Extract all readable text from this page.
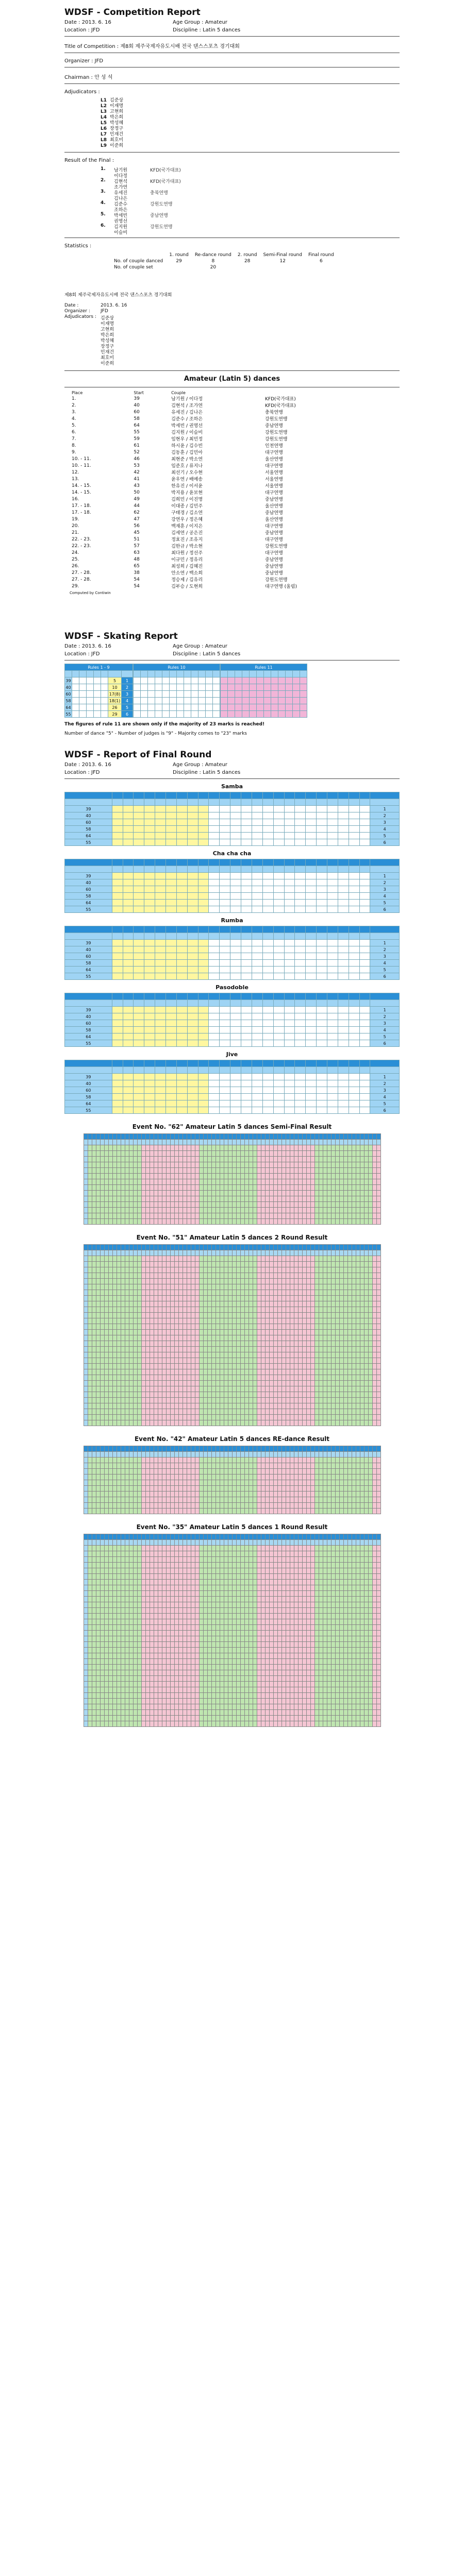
WDSF - Competition Report

Date : 2013. 6. 16	Age Group : Amateur
Location : JFD	Discipline : Latin 5 dances
Title of Competition : 제8회 제주국제자유도시배 전국 댄스스포츠 경기대회
Organizer : JFD
Chairman : 안 성 석
Adjudicators :
L1 김준상
L2 이재명
L3 고현희
L4 박은희
L5 박성혜
L6 장정구
L7 민재건
L8 최호미
L9 이준희
Result of the Final :
1.	남기원	KFD(국가대표)
이다정
2.	김현석	KFD(국가대표)
조가연
3.	유세진	충북연맹
김나은
4.	김준수	강원도연맹
조하은
5.	박세빈	중남연맹
권영선
6.	김지원	강원도연맹
이슬비
Statistics :
	1. round	Re-dance round	2. round	Semi-Final round	Final round
No. of couple danced	29	8	28	12	6
No. of couple set		20			
제8회 제주국제자유도시배 전국 댄스스포츠 경기대회
Date :	2013. 6. 16
Organizer :	JFD
Adjudicators : 김준상
이재명
고현희
박은희
박성혜
장정구
민재건
최호미
이준희
Amateur (Latin 5) dances
Place	Start	Couple	
1.	39	남기원 / 이다정	KFD(국가대표)
2.	40	김현석 / 조가연	KFD(국가대표)
3.	60	유세진 / 김나은	충북연맹
4.	58	김준수 / 조하은	강원도연맹
5.	64	박세빈 / 권영선	중남연맹
6.	55	김지원 / 이슬비	강원도연맹
7.	59	임현우 / 최민정	강원도연맹
8.	61	하시윤 / 김수빈	인천연맹
9.	52	김동훈 / 김민아	대구연맹
10. - 11.	46	최현준 / 박소연	울산연맹
10. - 11.	53	임준호 / 류지나	대구연맹
12.	42	최선기 / 오수현	서울연맹
13.	41	윤우연 / 배예송	서울연맹
14. - 15.	43	한유진 / 이서윤	서울연맹
14. - 15.	50	박지용 / 윤보현	대구연맹
16.	49	김희민 / 이진명	중남연맹
17. - 18.	44	이대종 / 김민주	울산연맹
17. - 18.	62	구태경 / 김소연	중남연맹
19.	47	강연우 / 정은혜	울산연맹
20.	56	백재훈 / 이지은	대구연맹
21.	45	김세연 / 공은진	중남연맹
22. - 23.	51	정효진 / 조유지	대구연맹
22. - 23.	57	김한규 / 박소현	강원도연맹
24.	63	최다원 / 정선주	대구연맹
25.	48	이규민 / 정유리	중남연맹
26.	65	최성희 / 김혜진	중남연맹
27. - 28.	38	안소연 / 백소희	중남연맹
27. - 28.	54	정승제 / 김유리	강원도연맹
29.	54	김부승 / 도현희	대구연맹 (울림)
Computed by Contiwin

WDSF - Skating Report

Date : 2013. 6. 16	Age Group : Amateur
Location : JFD	Discipline : Latin 5 dances
Rules 1 - 9							

39						5	1
40						10	2
60						17(8)	3
58						18(1)	4
64						26	5
55						29	6
Rules 10											

												Rules 11											

The figures of rule 11 are shown only if the majority of 23 marks is reached!
Number of dance "5" - Number of judges is "9" - Majority comes to "23" marks

WDSF - Report of Final Round

Date : 2013. 6. 16	Age Group : Amateur
Location : JFD	Discipline : Latin 5 dances
Samba

39																									1
40																									2
60																									3
58																									4
64																									5
55																									6
Cha cha cha

39																									1
40																									2
60																									3
58																									4
64																									5
55																									6
Rumba

39																									1
40																									2
60																									3
58																									4
64																									5
55																									6
Pasodoble

39																									1
40																									2
60																									3
58																									4
64																									5
55																									6
Jive

39																									1
40																									2
60																									3
58																									4
64																									5
55																									6
Event No. "62" Amateur Latin 5 dances Semi-Final Result

Event No. "51" Amateur Latin 5 dances 2 Round Result

Event No. "42" Amateur Latin 5 dances RE-dance Result

Event No. "35" Amateur Latin 5 dances 1 Round Result
